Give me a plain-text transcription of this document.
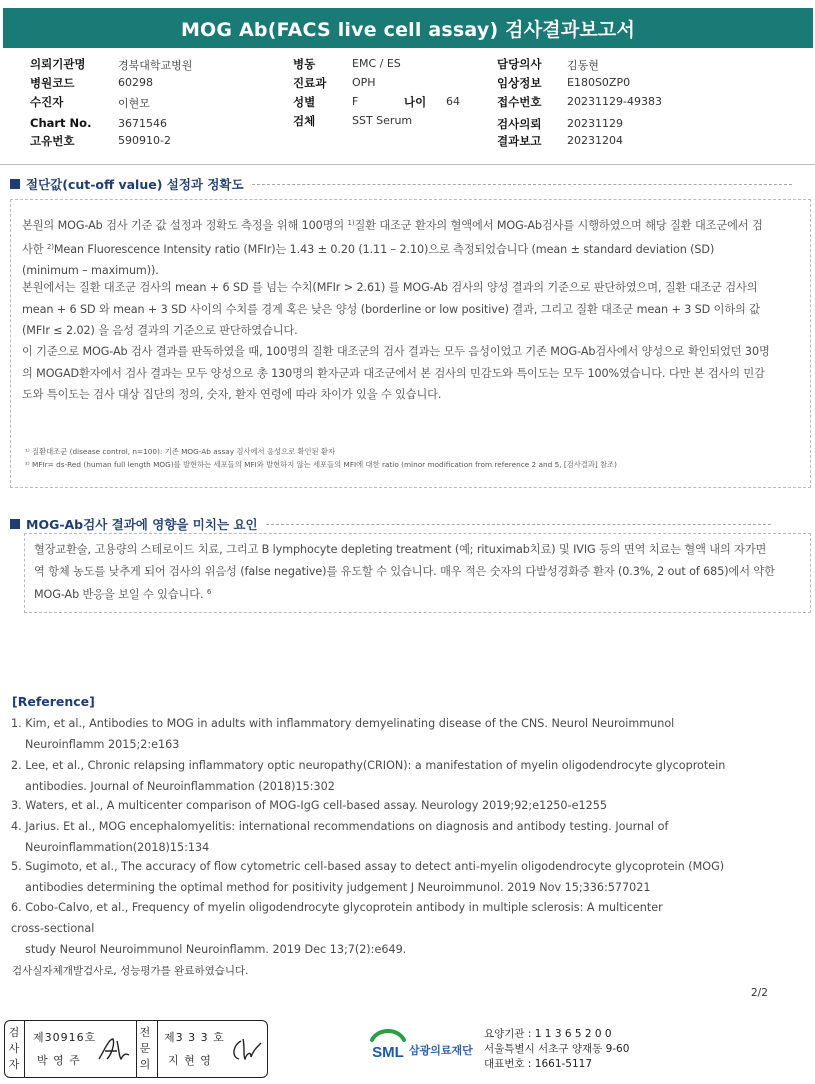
MOG Ab(FACS live cell assay) 검사결과보고서
의뢰기관명	경북대학교병원
병원코드	60298
수진자	이현모
Chart No. 3671546
고유번호	590910-2
병동	EMC / ES
진료과 OPH
성별	F	나이 64
검체	SST Serum
담당의사 김동현
임상정보 E180S0ZP0
접수번호 20231129-49383
검사의뢰 20231129
결과보고 20231204
절단값(cut-off value) 설정과 정확도
본원의 MOG-Ab 검사 기준 값 설정과 정확도 측정을 위해 100명의 $^{1)}$질환 대조군 환자의 혈액에서 MOG-Ab검사를 시행하였으며 해당 질환 대조군에서 검사한 $^{2)}$Mean Fluorescence Intensity ratio (MFIr)는 1.43 ± 0.20 (1.11 – 2.10)으로 측정되었습니다 (mean ± standard deviation (SD) (minimum – maximum)).
본원에서는 질환 대조군 검사의 mean + 6 SD 를 넘는 수치(MFIr > 2.61) 를 MOG-Ab 검사의 양성 결과의 기준으로 판단하였으며, 질환 대조군 검사의 mean + 6 SD 와 mean + 3 SD 사이의 수치를 경계 혹은 낮은 양성 (borderline or low positive) 결과, 그리고 질환 대조군 mean + 3 SD 이하의 값 (MFIr ≤ 2.02) 을 음성 결과의 기준으로 판단하였습니다.
이 기준으로 MOG-Ab 검사 결과를 판독하였을 때, 100명의 질환 대조군의 검사 결과는 모두 음성이었고 기존 MOG-Ab검사에서 양성으로 확인되었던 30명의 MOGAD환자에서 검사 결과는 모두 양성으로 총 130명의 환자군과 대조군에서 본 검사의 민감도와 특이도는 모두 100%였습니다. 다만 본 검사의 민감도와 특이도는 검사 대상 집단의 정의, 숫자, 환자 연령에 따라 차이가 있을 수 있습니다.
¹⁾ 질환대조군 (disease control, n=100): 기존 MOG-Ab assay 검사에서 음성으로 확인된 환자
²⁾ MFIr= ds-Red (human full length MOG)를 발현하는 세포들의 MFI와 발현하지 않는 세포들의 MFI에 대한 ratio (minor modification from reference 2 and 5, [검사결과] 참조)
MOG-Ab검사 결과에 영향을 미치는 요인
혈장교환술, 고용량의 스테로이드 치료, 그리고 B lymphocyte depleting treatment (예; rituximab치료) 및 IVIG 등의 면역 치료는 혈액 내의 자가면역 항체 농도를 낮추게 되어 검사의 위음성 (false negative)를 유도할 수 있습니다. 매우 적은 숫자의 다발성경화증 환자 (0.3%, 2 out of 685)에서 약한 MOG-Ab 반응을 보일 수 있습니다. $^6$
[Reference]
1. Kim, et al., Antibodies to MOG in adults with inflammatory demyelinating disease of the CNS. Neurol Neuroimmunol
Neuroinflamm 2015;2:e163
2. Lee, et al., Chronic relapsing inflammatory optic neuropathy(CRION): a manifestation of myelin oligodendrocyte glycoprotein
antibodies. Journal of Neuroinflammation (2018)15:302
3. Waters, et al., A multicenter comparison of MOG-IgG cell-based assay. Neurology 2019;92;e1250-e1255
4. Jarius. Et al., MOG encephalomyelitis: international recommendations on diagnosis and antibody testing. Journal of
Neuroinflammation(2018)15:134
5. Sugimoto, et al., The accuracy of flow cytometric cell-based assay to detect anti-myelin oligodendrocyte glycoprotein (MOG)
antibodies determining the optimal method for positivity judgement J Neuroimmunol. 2019 Nov 15;336:577021
6. Cobo-Calvo, et al., Frequency of myelin oligodendrocyte glycoprotein antibody in multiple sclerosis: A multicenter
cross-sectional
study Neurol Neuroimmunol Neuroinflamm. 2019 Dec 13;7(2):e649.
검사실자체개발검사로, 성능평가를 완료하였습니다.
2/2
검사자
제30916호
박 영 주
전문의
제3 3 3 호
지 현 영	SML 삼광의료재단
요양기관 : 1 1 3 6 5 2 0 0
서울특별시 서초구 양재동 9-60
대표번호 : 1661-5117
